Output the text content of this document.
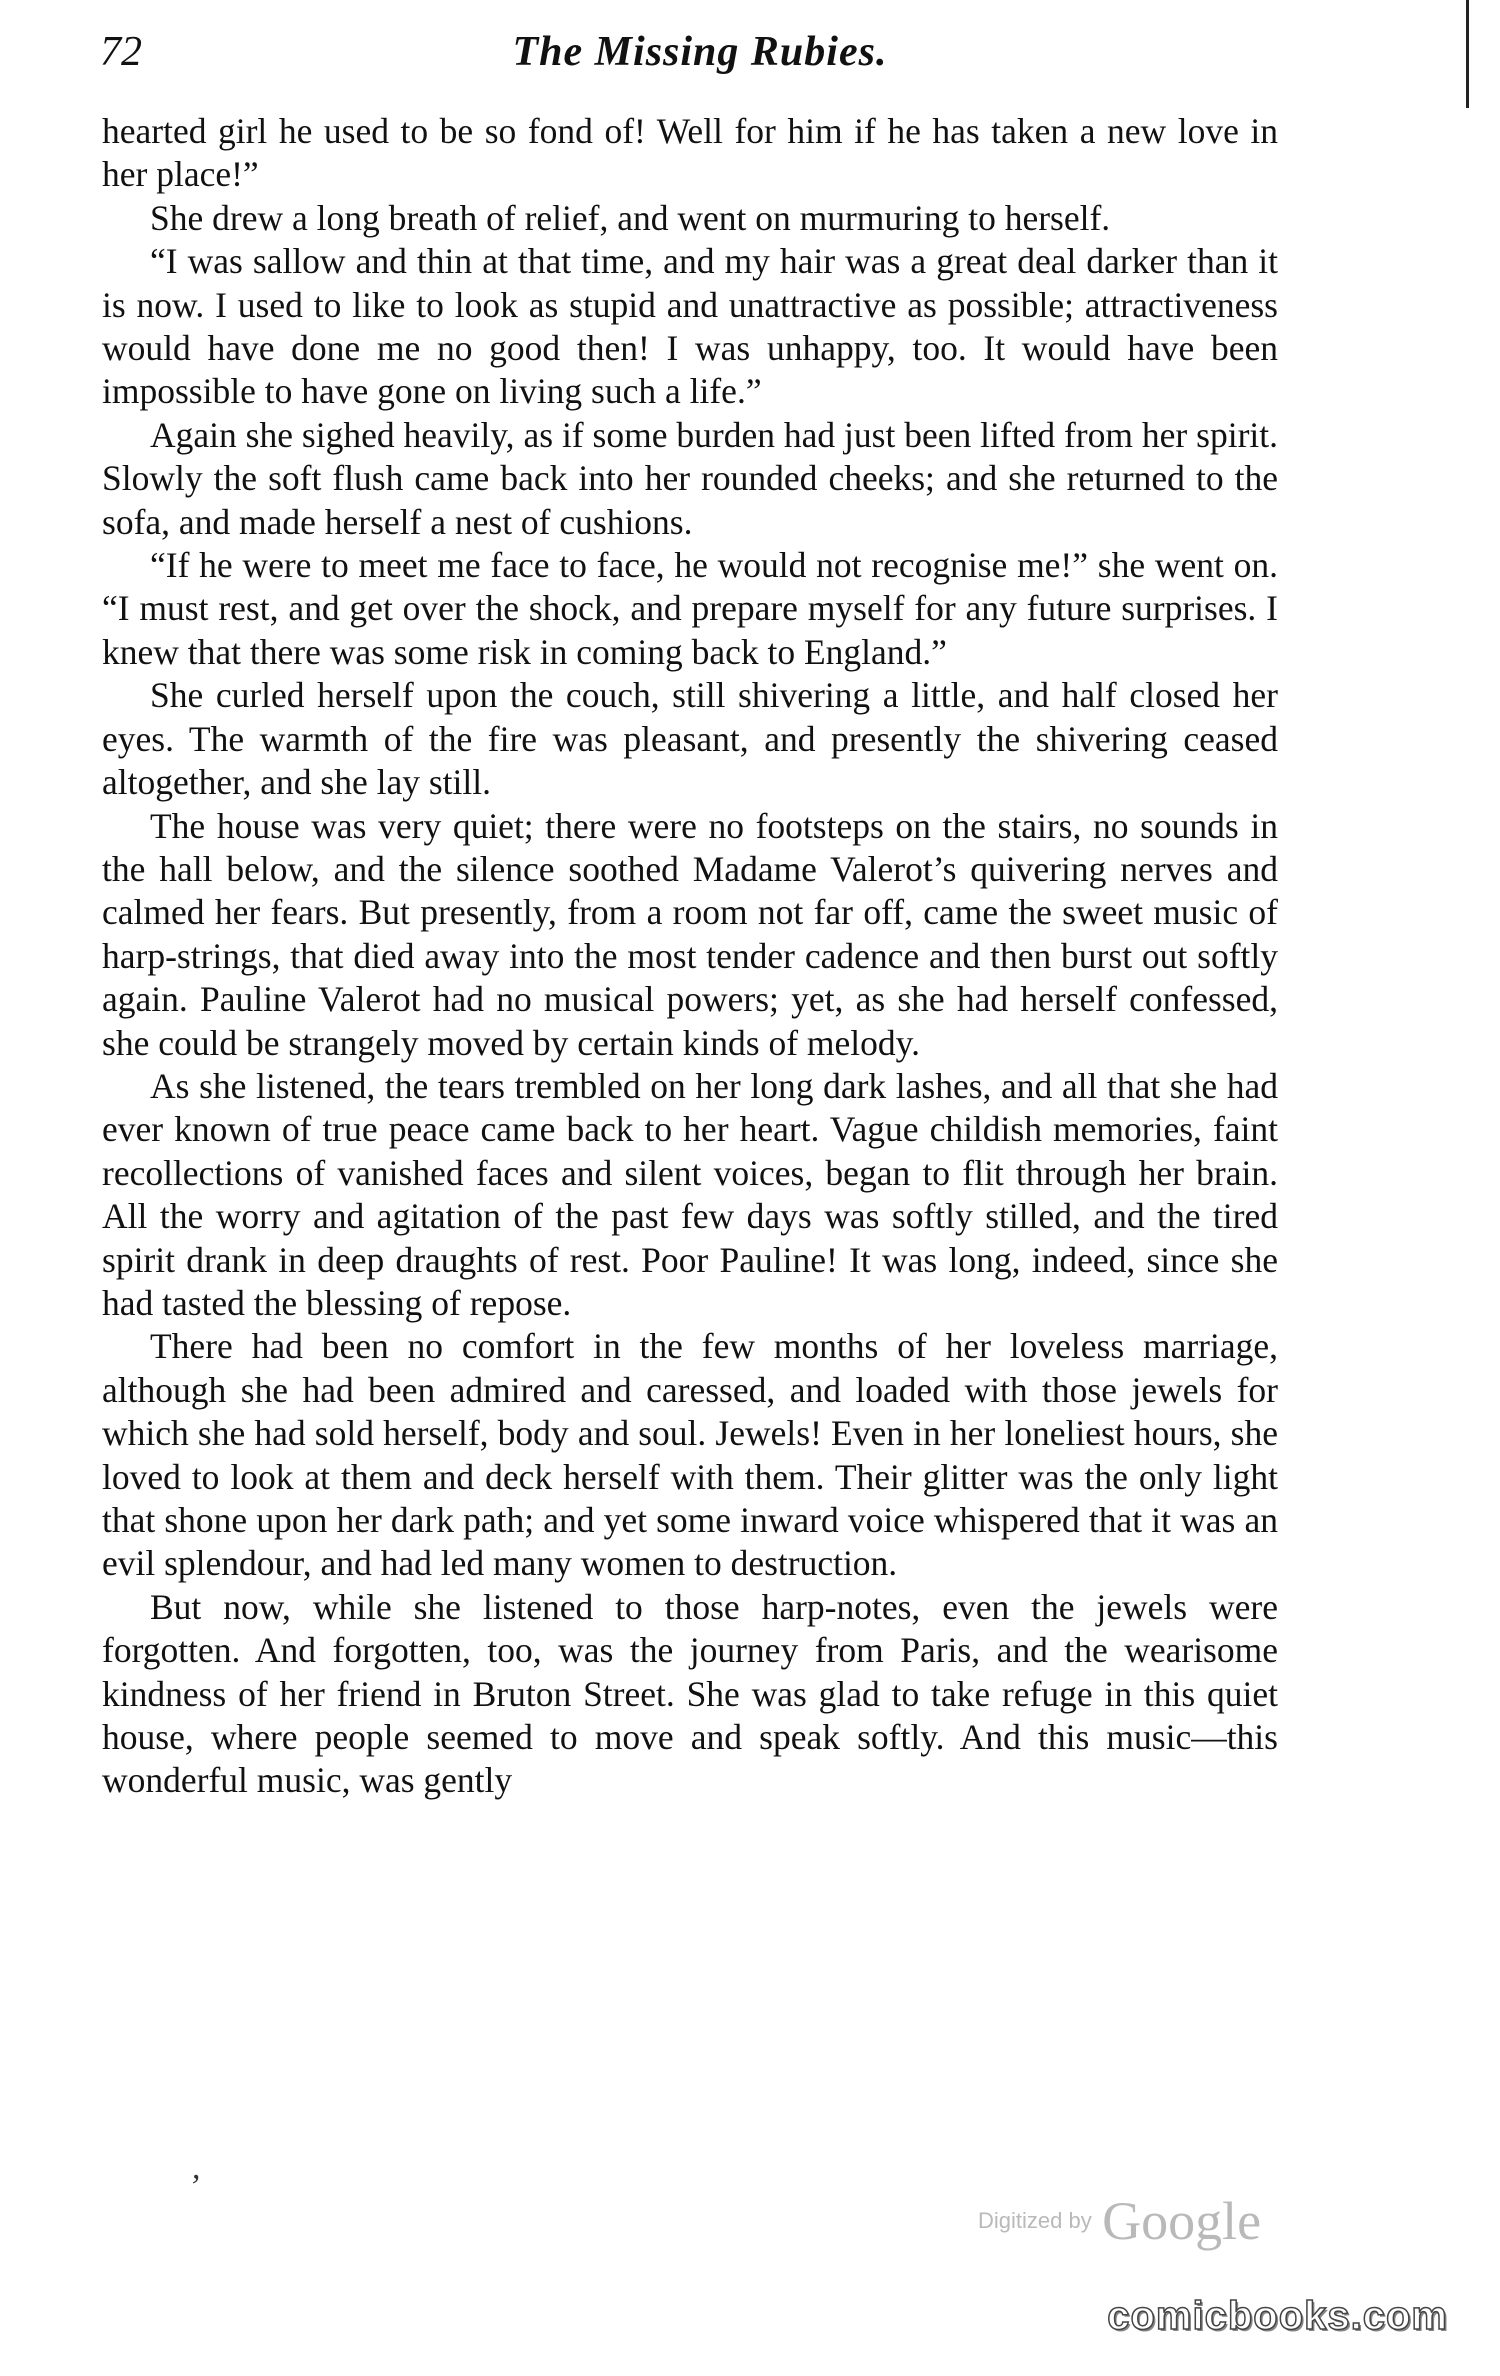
72	The Missing Rubies.

hearted girl he used to be so fond of! Well for him if he has taken a new love in her place!”

She drew a long breath of relief, and went on murmuring to herself.

“I was sallow and thin at that time, and my hair was a great deal darker than it is now. I used to like to look as stupid and unattractive as possible; attractiveness would have done me no good then! I was unhappy, too. It would have been impossible to have gone on living such a life.”

Again she sighed heavily, as if some burden had just been lifted from her spirit. Slowly the soft flush came back into her rounded cheeks; and she returned to the sofa, and made herself a nest of cushions.

“If he were to meet me face to face, he would not recognise me!” she went on. “I must rest, and get over the shock, and prepare myself for any future surprises. I knew that there was some risk in coming back to England.”

She curled herself upon the couch, still shivering a little, and half closed her eyes. The warmth of the fire was pleasant, and presently the shivering ceased altogether, and she lay still.

The house was very quiet; there were no footsteps on the stairs, no sounds in the hall below, and the silence soothed Madame Valerot’s quivering nerves and calmed her fears. But presently, from a room not far off, came the sweet music of harp-strings, that died away into the most tender cadence and then burst out softly again. Pauline Valerot had no musical powers; yet, as she had herself confessed, she could be strangely moved by certain kinds of melody.

As she listened, the tears trembled on her long dark lashes, and all that she had ever known of true peace came back to her heart. Vague childish memories, faint recollections of vanished faces and silent voices, began to flit through her brain. All the worry and agitation of the past few days was softly stilled, and the tired spirit drank in deep draughts of rest. Poor Pauline! It was long, indeed, since she had tasted the blessing of repose.

There had been no comfort in the few months of her loveless marriage, although she had been admired and caressed, and loaded with those jewels for which she had sold herself, body and soul. Jewels! Even in her loneliest hours, she loved to look at them and deck herself with them. Their glitter was the only light that shone upon her dark path; and yet some inward voice whispered that it was an evil splendour, and had led many women to destruction.

But now, while she listened to those harp-notes, even the jewels were forgotten. And forgotten, too, was the journey from Paris, and the wearisome kindness of her friend in Bruton Street. She was glad to take refuge in this quiet house, where people seemed to move and speak softly. And this music—this wonderful music, was gently

’
Digitized by Google
comicbooks.com
